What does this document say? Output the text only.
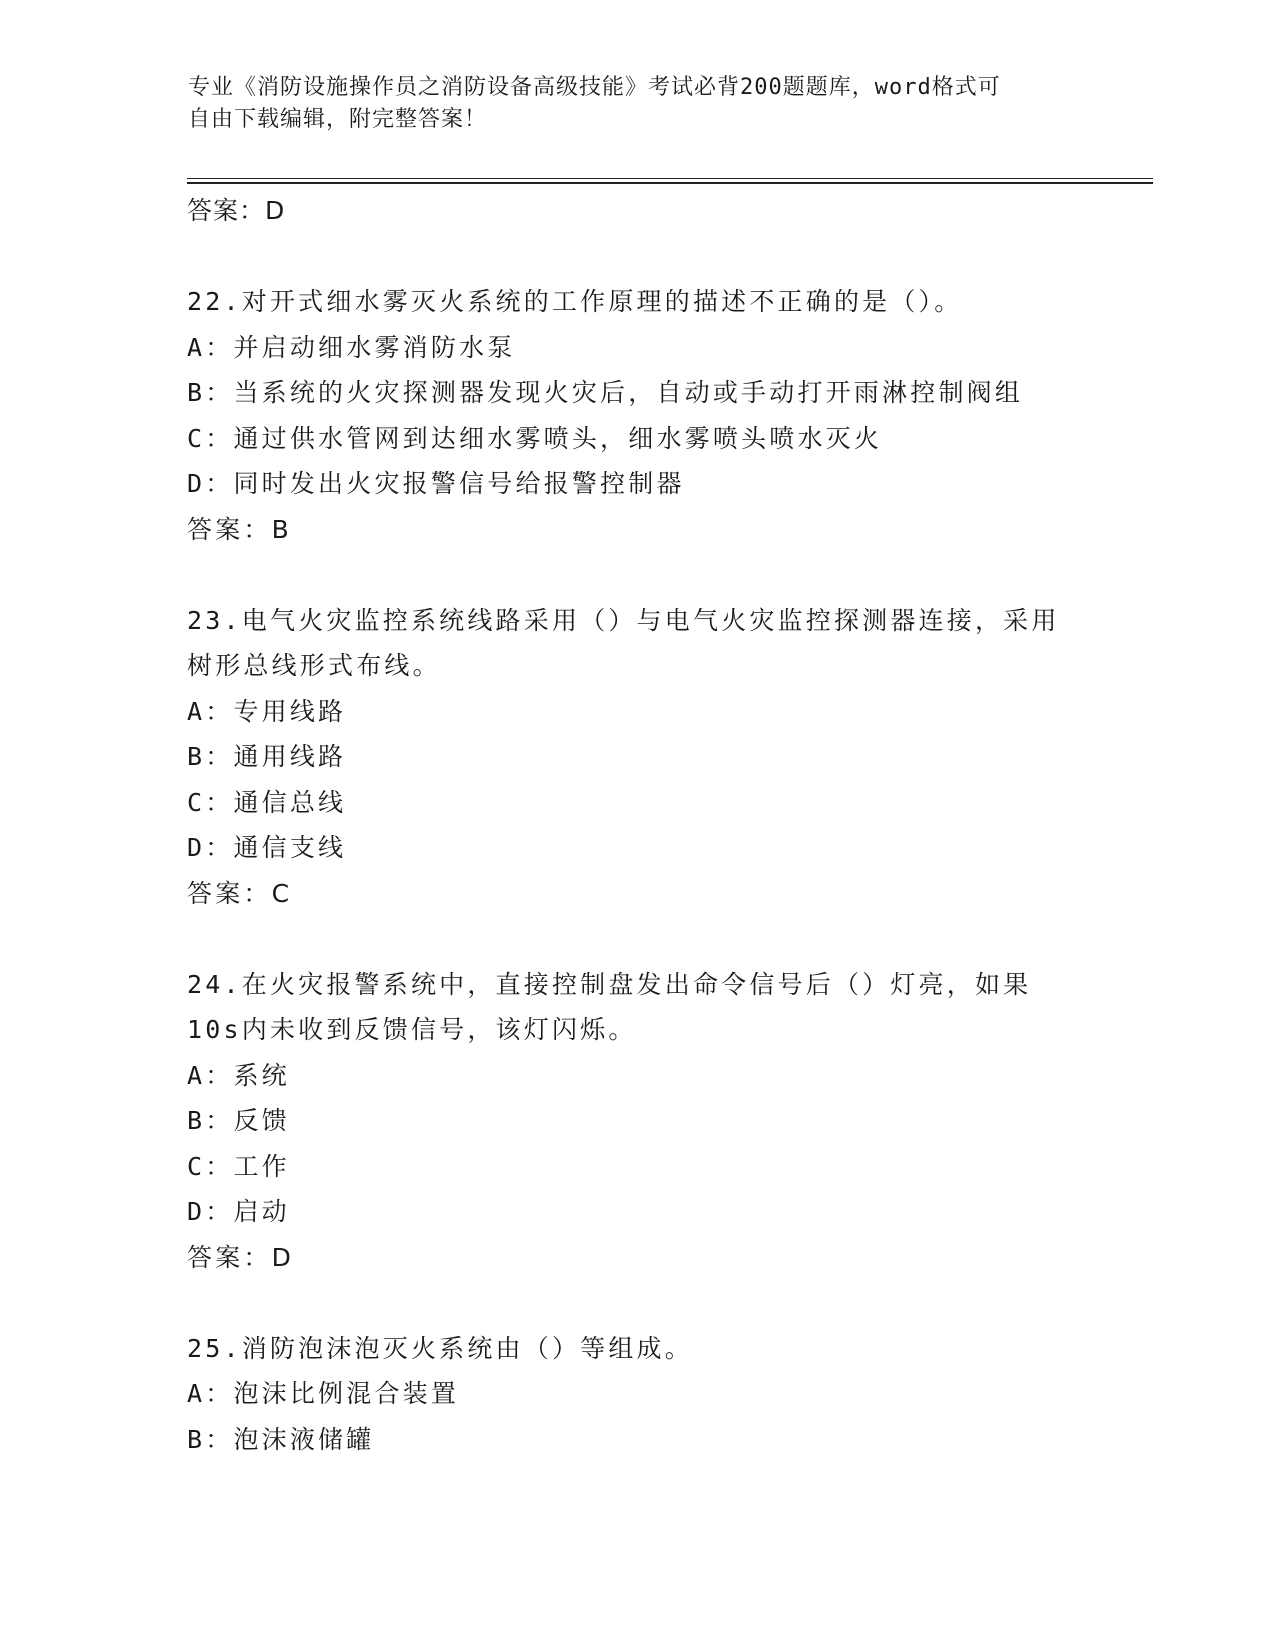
专业《消防设施操作员之消防设备高级技能》考试必背200题题库，word格式可
自由下载编辑，附完整答案！
答案：D
22.对开式细水雾灭火系统的工作原理的描述不正确的是（）。
A：并启动细水雾消防水泵
B：当系统的火灾探测器发现火灾后，自动或手动打开雨淋控制阀组
C：通过供水管网到达细水雾喷头，细水雾喷头喷水灭火
D：同时发出火灾报警信号给报警控制器
答案：B
23.电气火灾监控系统线路采用（）与电气火灾监控探测器连接，采用
树形总线形式布线。
A：专用线路
B：通用线路
C：通信总线
D：通信支线
答案：C
24.在火灾报警系统中，直接控制盘发出命令信号后（）灯亮，如果
10s内未收到反馈信号，该灯闪烁。
A：系统
B：反馈
C：工作
D：启动
答案：D
25.消防泡沫泡灭火系统由（）等组成。
A：泡沫比例混合装置
B：泡沫液储罐
